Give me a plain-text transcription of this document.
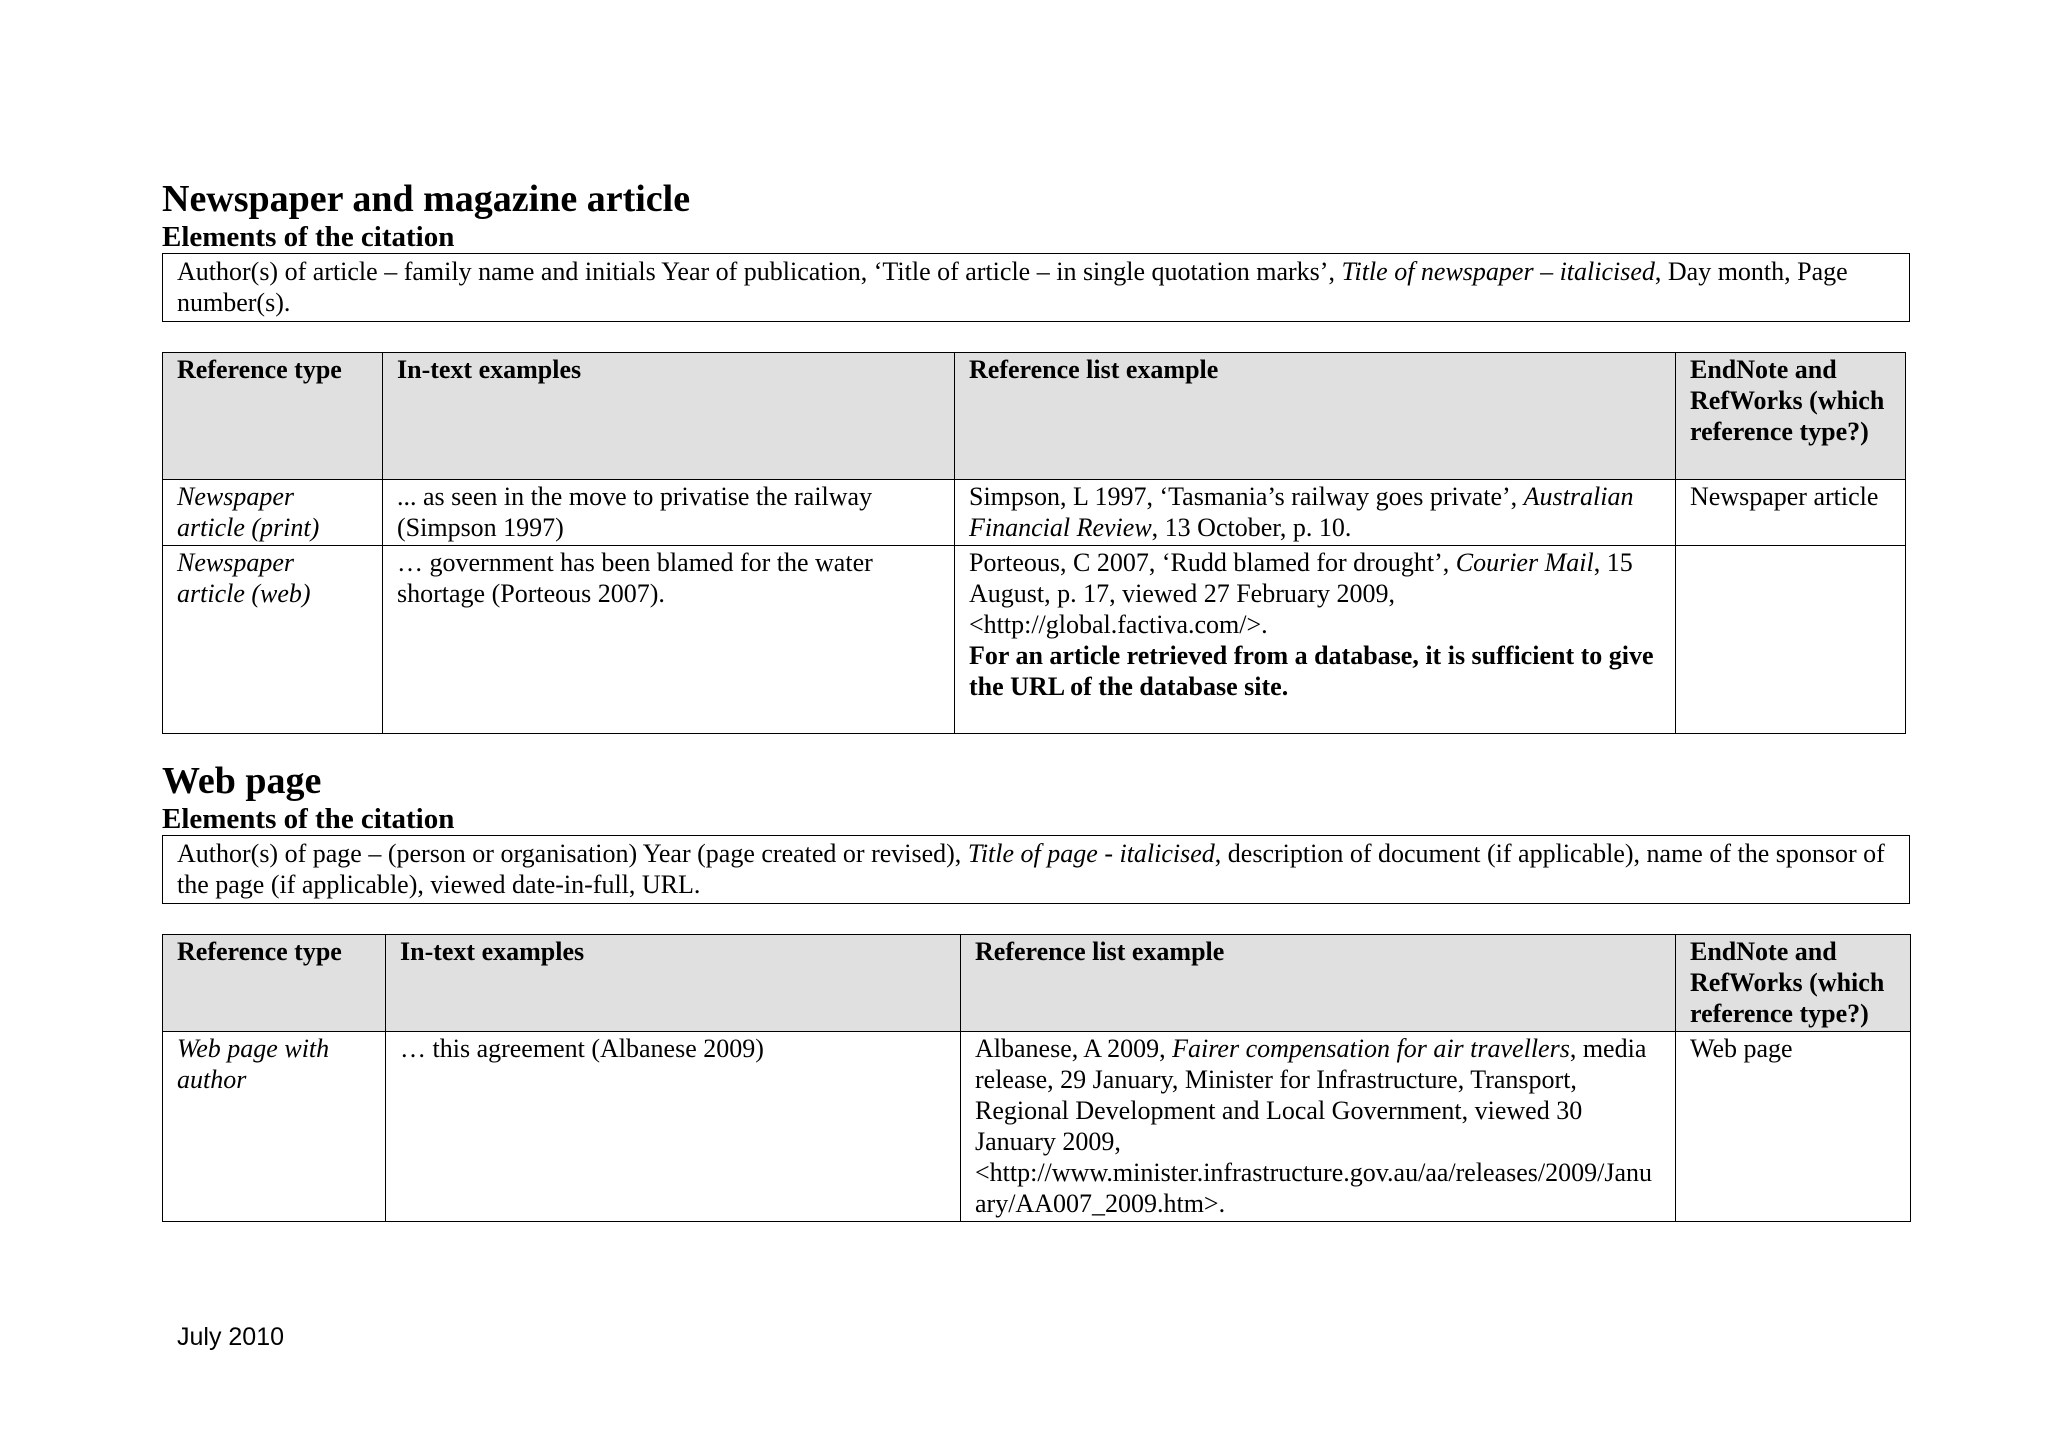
Newspaper and magazine article
Elements of the citation
Author(s) of article – family name and initials Year of publication, ‘Title of article – in single quotation marks’, Title of newspaper – italicised, Day month, Page number(s).
Reference type	In-text examples	Reference list example	EndNote and RefWorks (which reference type?)
Newspaper article (print)	... as seen in the move to privatise the railway (Simpson 1997)	Simpson, L 1997, ‘Tasmania’s railway goes private’, Australian Financial Review, 13 October, p. 10.	Newspaper article
Newspaper article (web)	… government has been blamed for the water shortage (Porteous 2007).	Porteous, C 2007, ‘Rudd blamed for drought’, Courier Mail, 15 August, p. 17, viewed 27 February 2009, <http://global.factiva.com/>.
For an article retrieved from a database, it is sufficient to give the URL of the database site.	
Web page
Elements of the citation
Author(s) of page – (person or organisation) Year (page created or revised), Title of page - italicised, description of document (if applicable), name of the sponsor of the page (if applicable), viewed date-in-full, URL.
Reference type	In-text examples	Reference list example	EndNote and RefWorks (which reference type?)
Web page with author	… this agreement (Albanese 2009)	Albanese, A 2009, Fairer compensation for air travellers, media release, 29 January, Minister for Infrastructure, Transport, Regional Development and Local Government, viewed 30 January 2009, <http://www.minister.infrastructure.gov.au/aa/releases/2009/January/AA007_2009.htm>.	Web page
July 2010
